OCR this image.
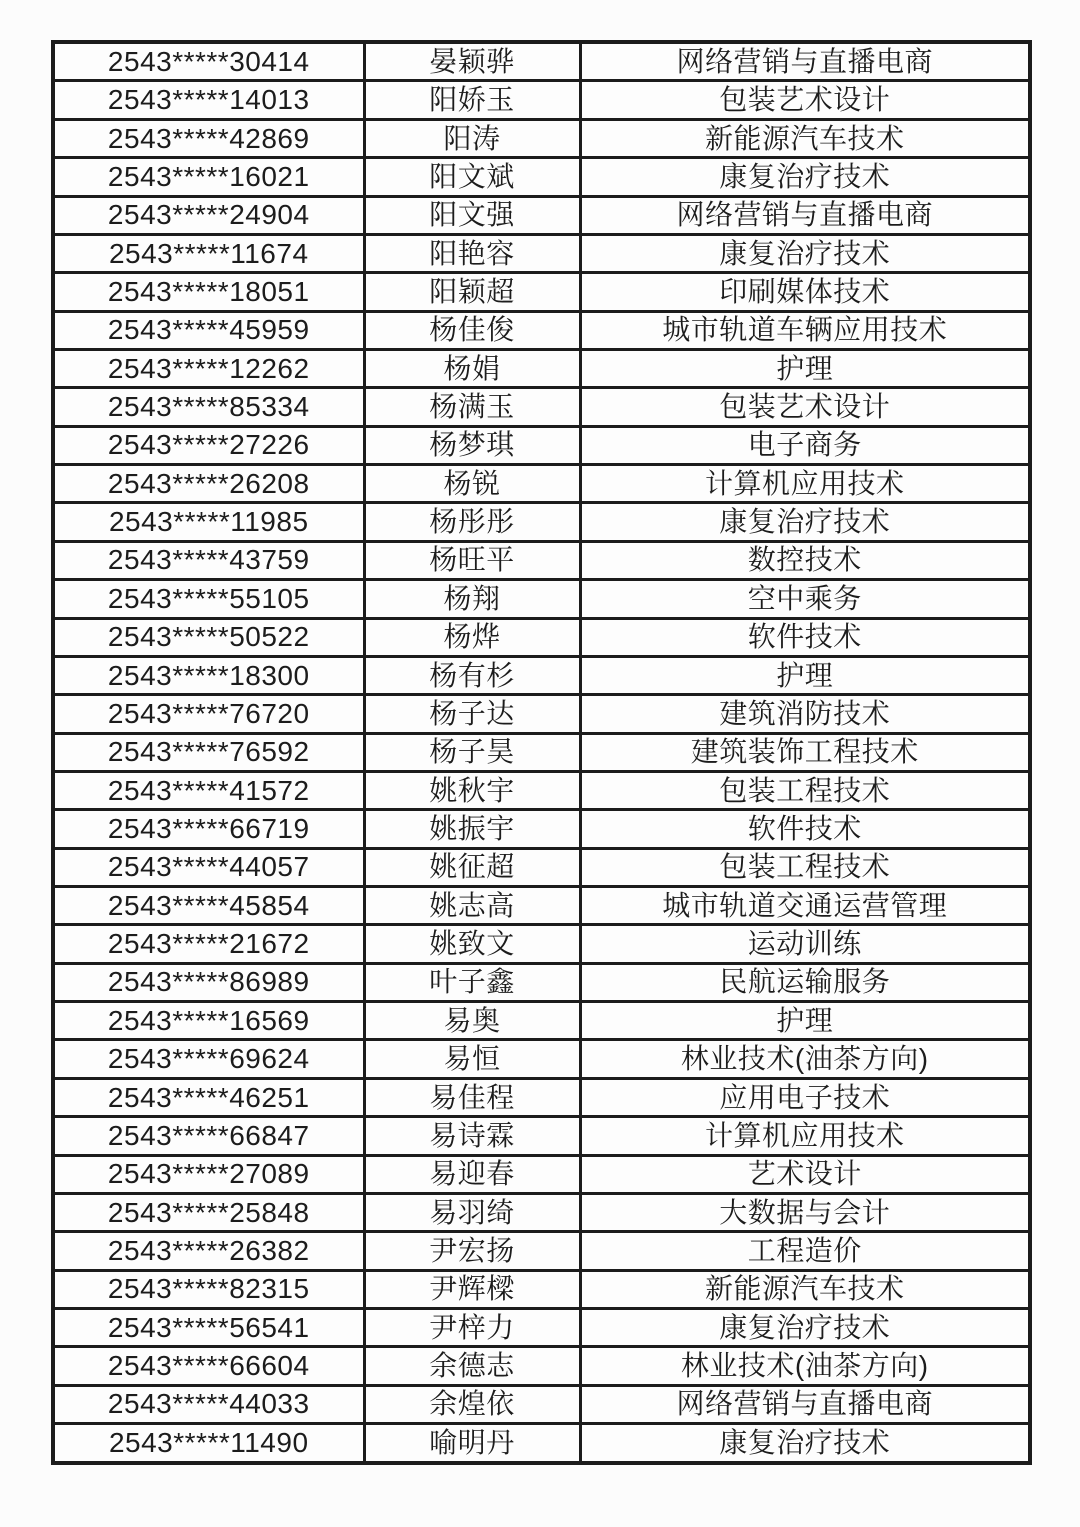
2543*****30414	晏颖骅	网络营销与直播电商
2543*****14013	阳娇玉	包装艺术设计
2543*****42869	阳涛	新能源汽车技术
2543*****16021	阳文斌	康复治疗技术
2543*****24904	阳文强	网络营销与直播电商
2543*****11674	阳艳容	康复治疗技术
2543*****18051	阳颖超	印刷媒体技术
2543*****45959	杨佳俊	城市轨道车辆应用技术
2543*****12262	杨娟	护理
2543*****85334	杨满玉	包装艺术设计
2543*****27226	杨梦琪	电子商务
2543*****26208	杨锐	计算机应用技术
2543*****11985	杨彤彤	康复治疗技术
2543*****43759	杨旺平	数控技术
2543*****55105	杨翔	空中乘务
2543*****50522	杨烨	软件技术
2543*****18300	杨有杉	护理
2543*****76720	杨子达	建筑消防技术
2543*****76592	杨子昊	建筑装饰工程技术
2543*****41572	姚秋宇	包装工程技术
2543*****66719	姚振宇	软件技术
2543*****44057	姚征超	包装工程技术
2543*****45854	姚志高	城市轨道交通运营管理
2543*****21672	姚致文	运动训练
2543*****86989	叶子鑫	民航运输服务
2543*****16569	易奥	护理
2543*****69624	易恒	林业技术(油茶方向)
2543*****46251	易佳程	应用电子技术
2543*****66847	易诗霖	计算机应用技术
2543*****27089	易迎春	艺术设计
2543*****25848	易羽绮	大数据与会计
2543*****26382	尹宏扬	工程造价
2543*****82315	尹辉樑	新能源汽车技术
2543*****56541	尹梓力	康复治疗技术
2543*****66604	余德志	林业技术(油茶方向)
2543*****44033	余煌依	网络营销与直播电商
2543*****11490	喻明丹	康复治疗技术
